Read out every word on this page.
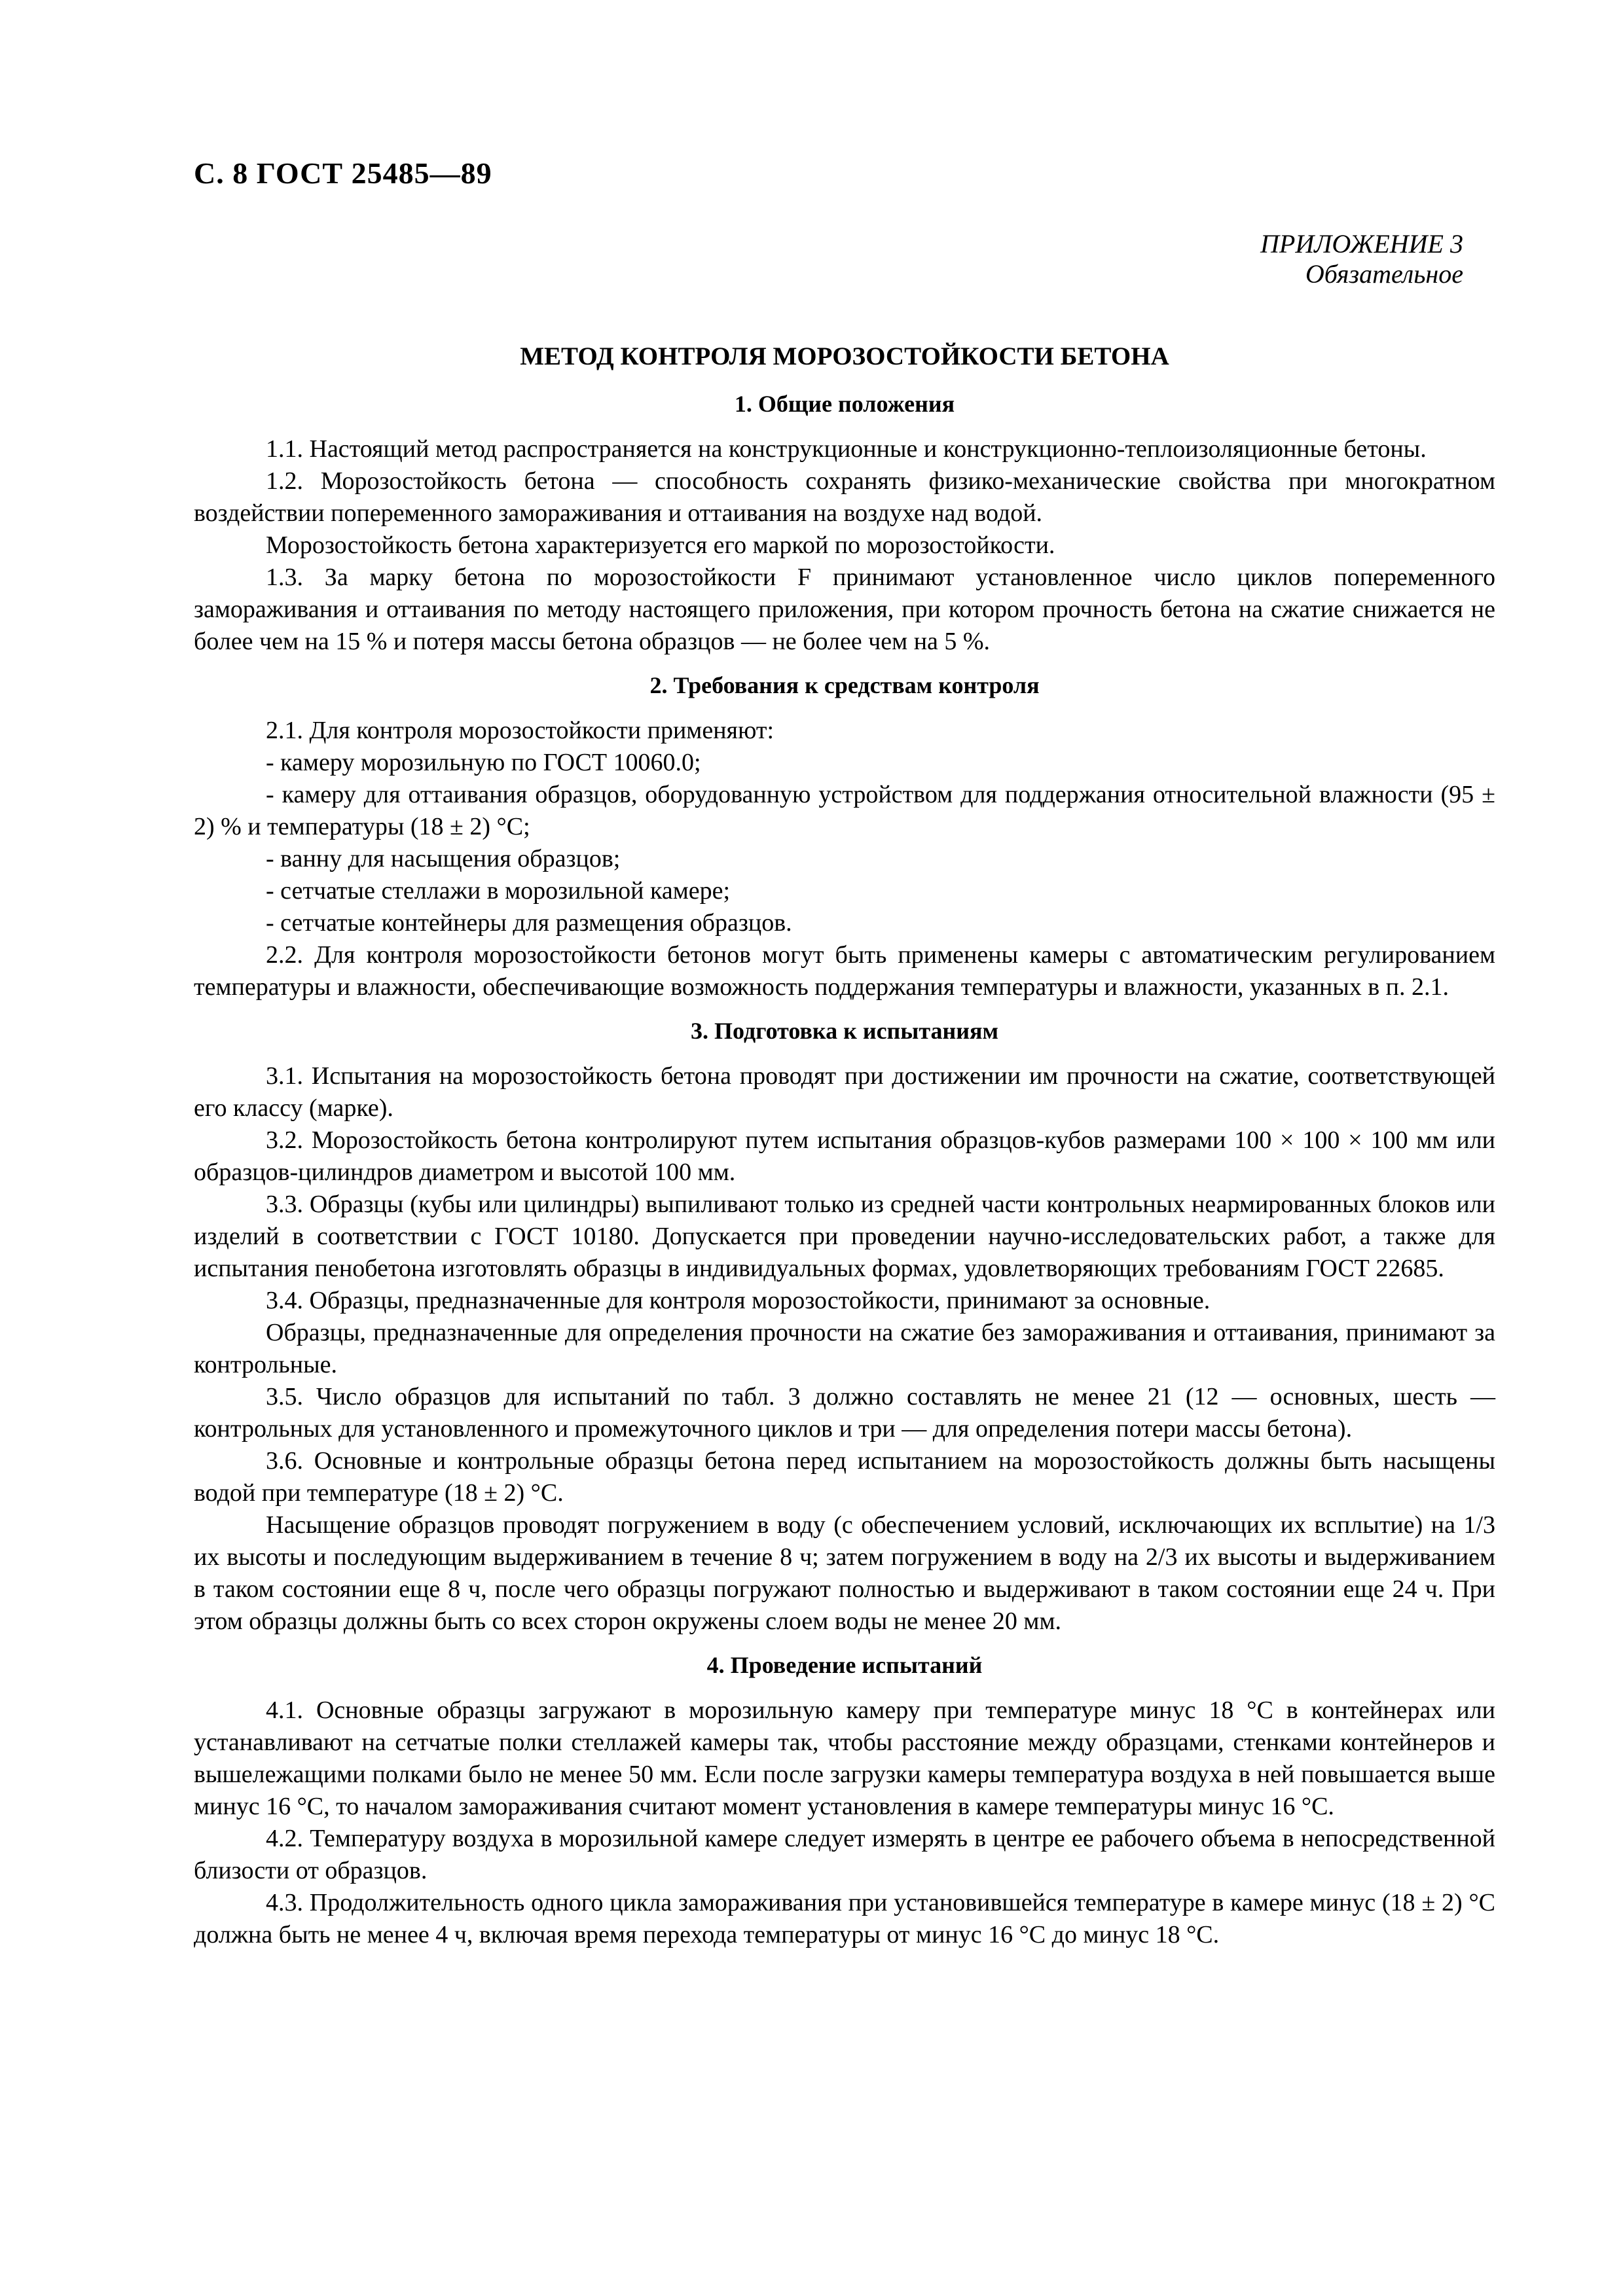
С. 8 ГОСТ 25485—89
ПРИЛОЖЕНИЕ 3
Обязательное
МЕТОД КОНТРОЛЯ МОРОЗОСТОЙКОСТИ БЕТОНА
1. Общие положения

1.1. Настоящий метод распространяется на конструкционные и конструкционно-теплоизоляционные бетоны.

1.2. Морозостойкость бетона — способность сохранять физико-механические свойства при многократном воздействии попеременного замораживания и оттаивания на воздухе над водой.

Морозостойкость бетона характеризуется его маркой по морозостойкости.

1.3. За марку бетона по морозостойкости F принимают установленное число циклов попеременного замораживания и оттаивания по методу настоящего приложения, при котором прочность бетона на сжатие снижается не более чем на 15 % и потеря массы бетона образцов — не более чем на 5 %.

2. Требования к средствам контроля

2.1. Для контроля морозостойкости применяют:

- камеру морозильную по ГОСТ 10060.0;

- камеру для оттаивания образцов, оборудованную устройством для поддержания относительной влажности (95 ± 2) % и температуры (18 ± 2) °С;

- ванну для насыщения образцов;

- сетчатые стеллажи в морозильной камере;

- сетчатые контейнеры для размещения образцов.

2.2. Для контроля морозостойкости бетонов могут быть применены камеры с автоматическим регулированием температуры и влажности, обеспечивающие возможность поддержания температуры и влажности, указанных в п. 2.1.

3. Подготовка к испытаниям

3.1. Испытания на морозостойкость бетона проводят при достижении им прочности на сжатие, соответствующей его классу (марке).

3.2. Морозостойкость бетона контролируют путем испытания образцов-кубов размерами 100 × 100 × 100 мм или образцов-цилиндров диаметром и высотой 100 мм.

3.3. Образцы (кубы или цилиндры) выпиливают только из средней части контрольных неармированных блоков или изделий в соответствии с ГОСТ 10180. Допускается при проведении научно-исследовательских работ, а также для испытания пенобетона изготовлять образцы в индивидуальных формах, удовлетворяющих требованиям ГОСТ 22685.

3.4. Образцы, предназначенные для контроля морозостойкости, принимают за основные.

Образцы, предназначенные для определения прочности на сжатие без замораживания и оттаивания, принимают за контрольные.

3.5. Число образцов для испытаний по табл. 3 должно составлять не менее 21 (12 — основных, шесть — контрольных для установленного и промежуточного циклов и три — для определения потери массы бетона).

3.6. Основные и контрольные образцы бетона перед испытанием на морозостойкость должны быть насыщены водой при температуре (18 ± 2) °С.

Насыщение образцов проводят погружением в воду (с обеспечением условий, исключающих их всплытие) на 1/3 их высоты и последующим выдерживанием в течение 8 ч; затем погружением в воду на 2/3 их высоты и выдерживанием в таком состоянии еще 8 ч, после чего образцы погружают полностью и выдерживают в таком состоянии еще 24 ч. При этом образцы должны быть со всех сторон окружены слоем воды не менее 20 мм.

4. Проведение испытаний

4.1. Основные образцы загружают в морозильную камеру при температуре минус 18 °С в контейнерах или устанавливают на сетчатые полки стеллажей камеры так, чтобы расстояние между образцами, стенками контейнеров и вышележащими полками было не менее 50 мм. Если после загрузки камеры температура воздуха в ней повышается выше минус 16 °С, то началом замораживания считают момент установления в камере температуры минус 16 °С.

4.2. Температуру воздуха в морозильной камере следует измерять в центре ее рабочего объема в непосредственной близости от образцов.

4.3. Продолжительность одного цикла замораживания при установившейся температуре в камере минус (18 ± 2) °С должна быть не менее 4 ч, включая время перехода температуры от минус 16 °С до минус 18 °С.
